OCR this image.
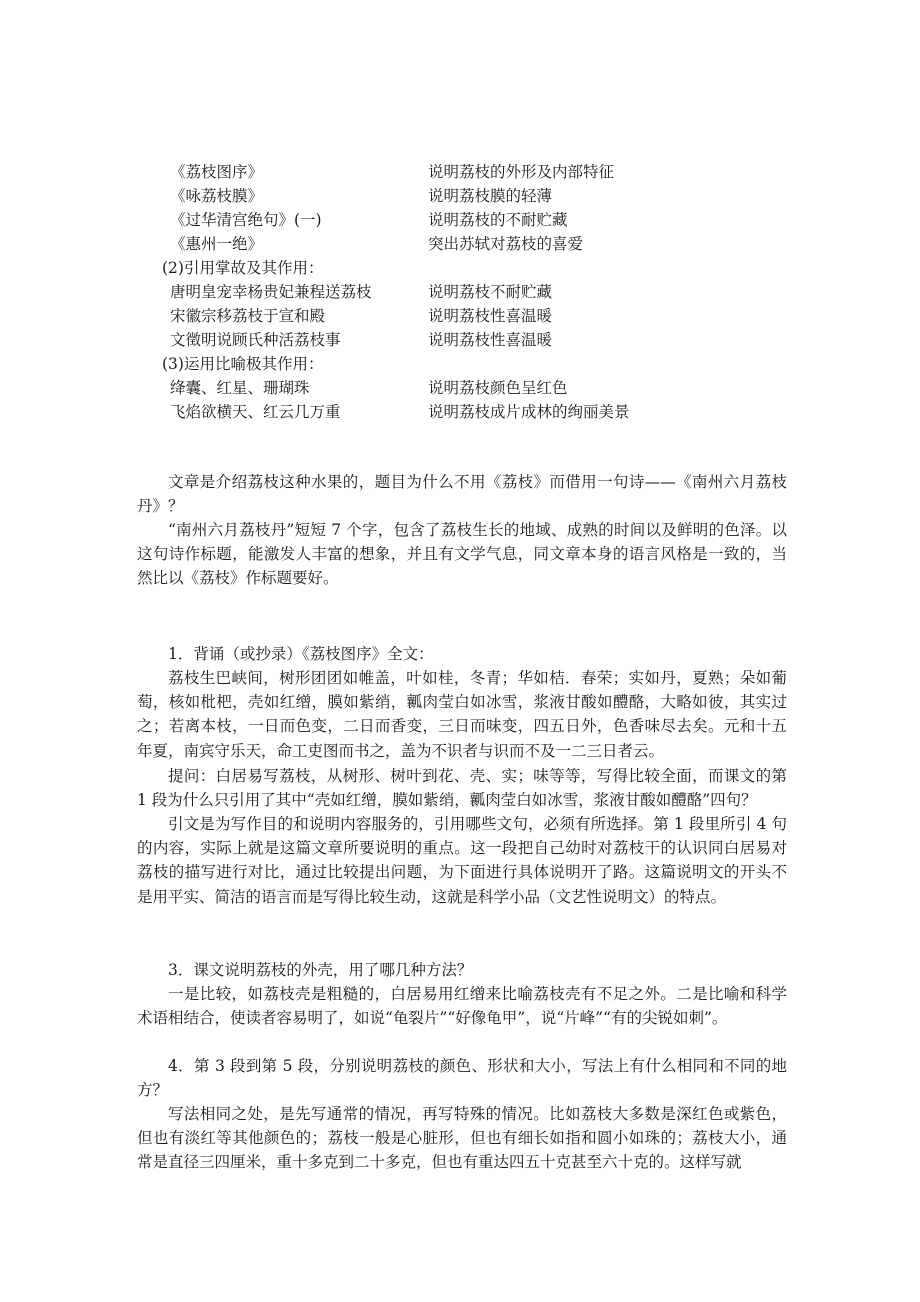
《荔枝图序》	说明荔枝的外形及内部特征
《咏荔枝膜》	说明荔枝膜的轻薄
《过华清宫绝句》(一)	说明荔枝的不耐贮藏
《惠州一绝》	突出苏轼对荔枝的喜爱
(2)引用掌故及其作用：
唐明皇宠幸杨贵妃兼程送荔枝	说明荔枝不耐贮藏
宋徽宗移荔枝于宣和殿	说明荔枝性喜温暖
文徵明说顾氏种活荔枝事	说明荔枝性喜温暖
(3)运用比喻极其作用：
绛囊、红星、珊瑚珠	说明荔枝颜色呈红色
飞焰欲横天、红云几万重	说明荔枝成片成林的绚丽美景
文章是介绍荔枝这种水果的，题目为什么不用《荔枝》而借用一句诗——《南州六月荔枝丹》？
“南州六月荔枝丹”短短 7 个字，包含了荔枝生长的地域、成熟的时间以及鲜明的色泽。以这句诗作标题，能激发人丰富的想象，并且有文学气息，同文章本身的语言风格是一致的，当然比以《荔枝》作标题要好。
1．背诵（或抄录）《荔枝图序》全文：
荔枝生巴峡间，树形团团如帷盖，叶如桂，冬青；华如桔．春荣；实如丹，夏熟；朵如葡萄，核如枇杷，壳如红缯，膜如紫绡，瓤肉莹白如冰雪，浆液甘酸如醴酪，大略如彼，其实过之；若离本枝，一日而色变，二日而香变，三日而味变，四五日外，色香味尽去矣。元和十五年夏，南宾守乐天，命工吏图而书之，盖为不识者与识而不及一二三日者云。
提问：白居易写荔枝，从树形、树叶到花、壳、实；味等等，写得比较全面，而课文的第 1 段为什么只引用了其中“壳如红缯，膜如紫绡，瓤肉莹白如冰雪，浆液甘酸如醴酪”四句？
引文是为写作目的和说明内容服务的，引用哪些文句，必须有所选择。第 1 段里所引 4 句的内容，实际上就是这篇文章所要说明的重点。这一段把自己幼时对荔枝干的认识同白居易对荔枝的描写进行对比，通过比较提出问题，为下面进行具体说明开了路。这篇说明文的开头不是用平实、简洁的语言而是写得比较生动，这就是科学小品（文艺性说明文）的特点。
3．课文说明荔枝的外壳，用了哪几种方法？
一是比较，如荔枝壳是粗糙的，白居易用红缯来比喻荔枝壳有不足之外。二是比喻和科学术语相结合，使读者容易明了，如说“龟裂片”“好像龟甲”，说“片峰”“有的尖锐如刺”。
4．第 3 段到第 5 段，分别说明荔枝的颜色、形状和大小，写法上有什么相同和不同的地方？
写法相同之处，是先写通常的情况，再写特殊的情况。比如荔枝大多数是深红色或紫色，但也有淡红等其他颜色的；荔枝一般是心脏形，但也有细长如指和圆小如珠的；荔枝大小，通常是直径三四厘米，重十多克到二十多克，但也有重达四五十克甚至六十克的。这样写就
